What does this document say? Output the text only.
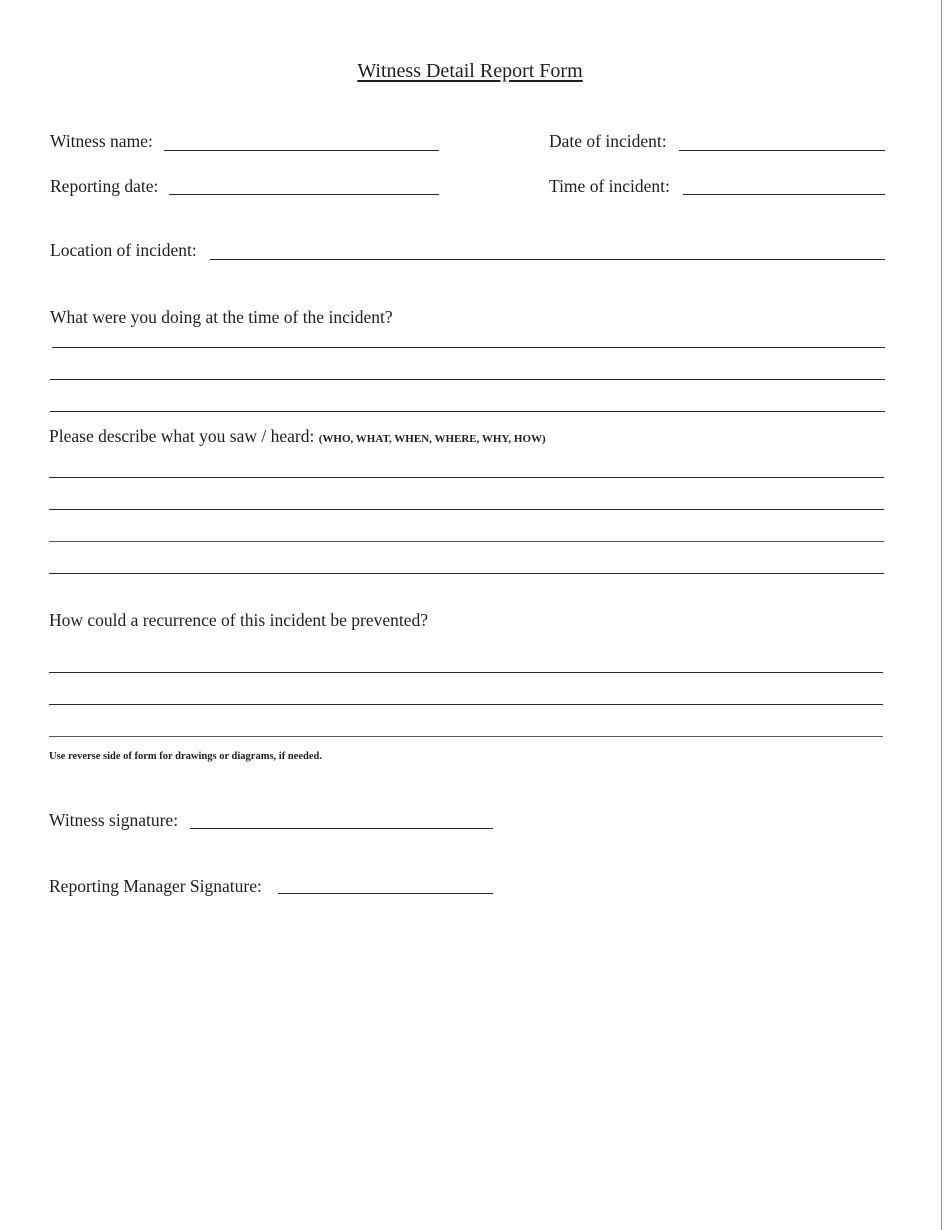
Witness Detail Report Form
Witness name:	Date of incident:
Reporting date:	Time of incident:
Location of incident:
What were you doing at the time of the incident?
Please describe what you saw / heard: (WHO, WHAT, WHEN, WHERE, WHY, HOW)
How could a recurrence of this incident be prevented?
Use reverse side of form for drawings or diagrams, if needed.
Witness signature:
Reporting Manager Signature:
